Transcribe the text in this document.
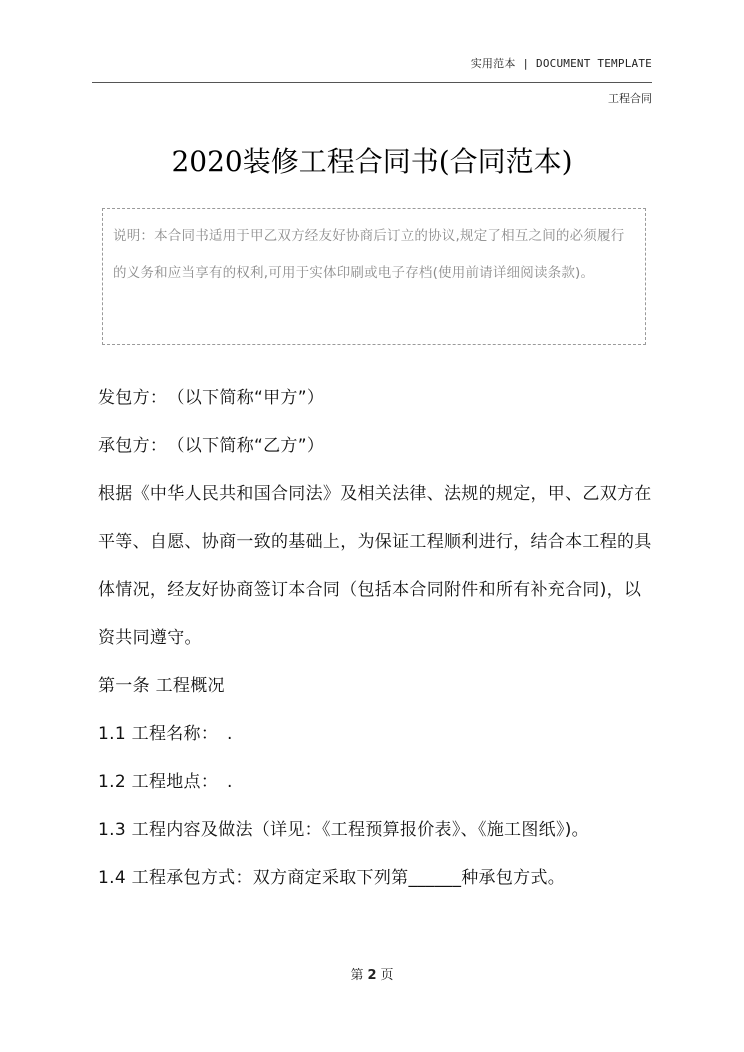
实用范本 | DOCUMENT TEMPLATE
工程合同
2020装修工程合同书(合同范本)
说明：本合同书适用于甲乙双方经友好协商后订立的协议,规定了相互之间的必须履行的义务和应当享有的权利,可用于实体印刷或电子存档(使用前请详细阅读条款)。

发包方：　（以下简称“甲方”）

承包方：　（以下简称“乙方”）

根据《中华人民共和国合同法》及相关法律、法规的规定，甲、乙双方在平等、自愿、协商一致的基础上，为保证工程顺利进行，结合本工程的具体情况，经友好协商签订本合同（包括本合同附件和所有补充合同)，以资共同遵守。

第一条 工程概况

1.1 工程名称：　.

1.2 工程地点：　.

1.3 工程内容及做法（详见：《工程预算报价表》、《施工图纸》)。

1.4 工程承包方式：双方商定采取下列第______种承包方式。

第 2 页
